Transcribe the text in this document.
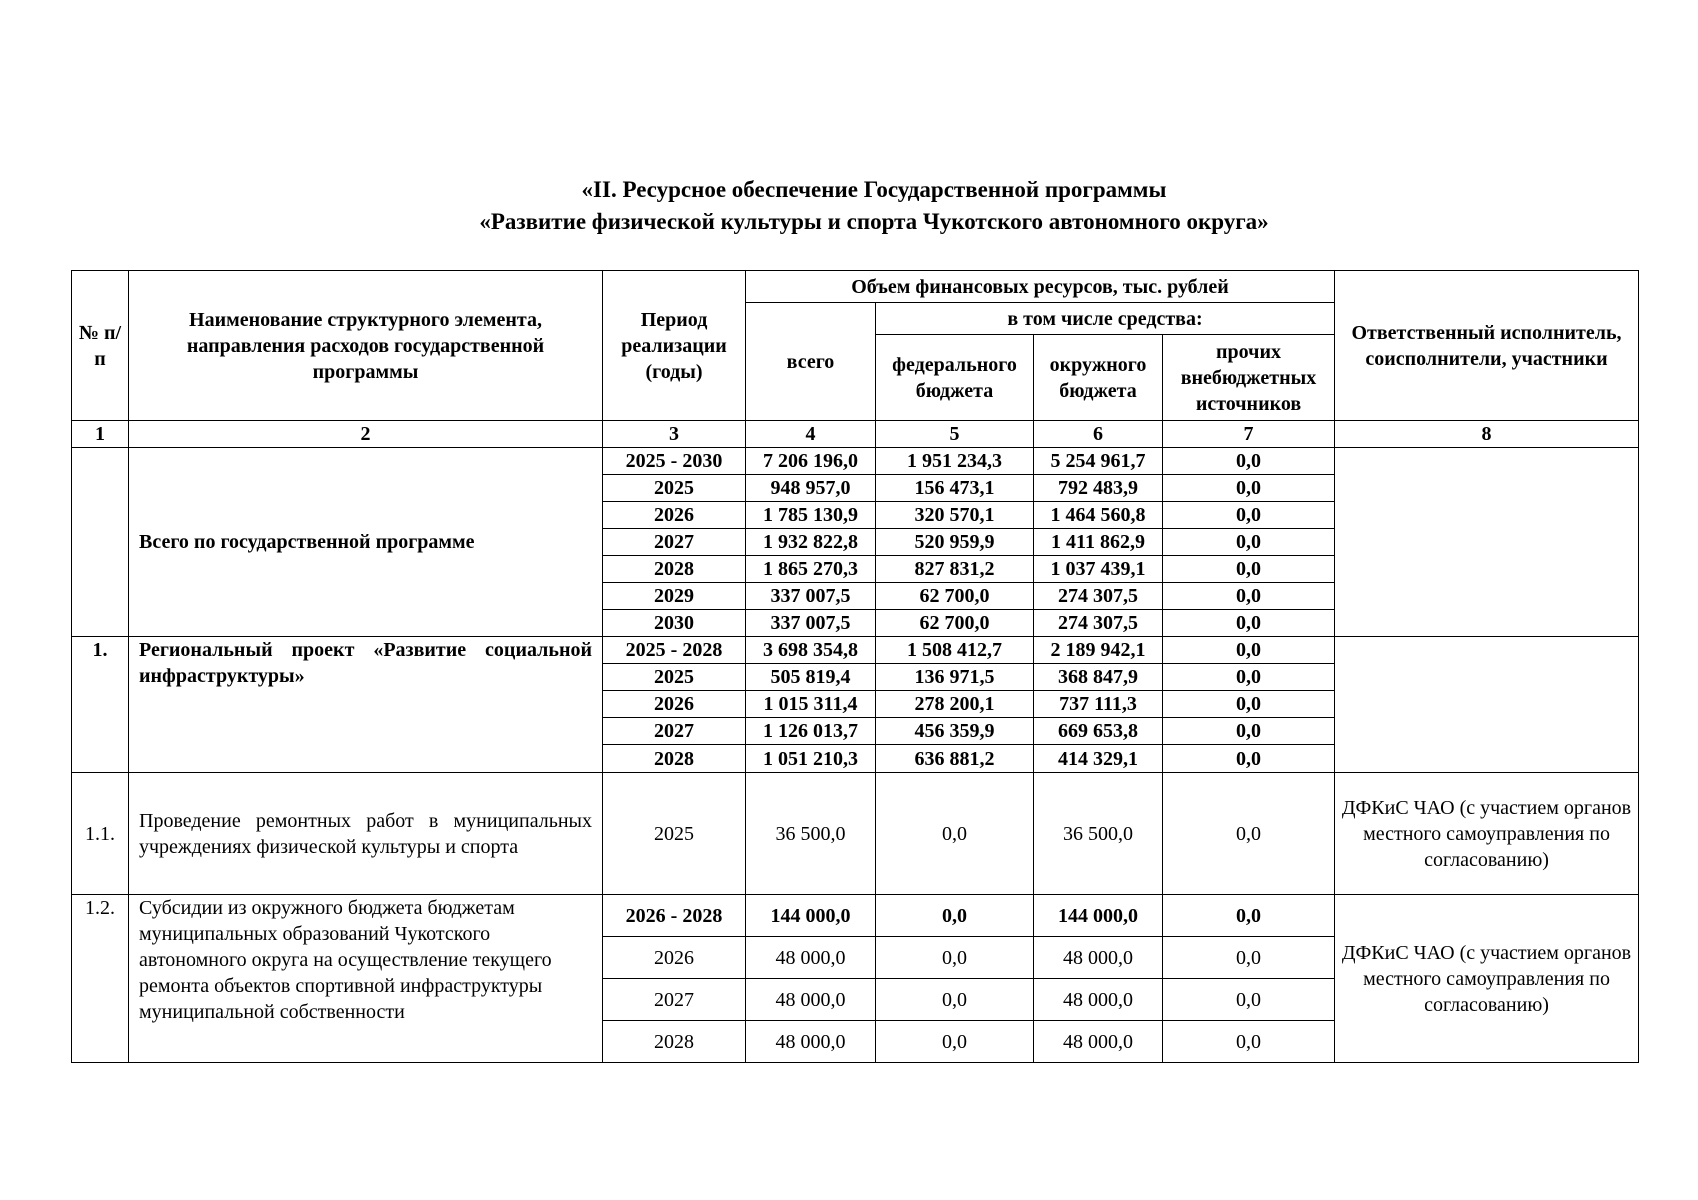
«II. Ресурсное обеспечение Государственной программы
«Развитие физической культуры и спорта Чукотского автономного округа»
№ п/п	Наименование структурного элемента, направления расходов государственной программы	Период реализации (годы)	Объем финансовых ресурсов, тыс. рублей				Ответственный исполнитель, соисполнители, участники
			всего	в том числе средства:			
				федерального бюджета	окружного бюджета	прочих внебюджетных источников	
1	2	3	4	5	6	7	8
	Всего по государственной программе	2025 - 2030	7 206 196,0	1 951 234,3	5 254 961,7	0,0	
		2025	948 957,0	156 473,1	792 483,9	0,0	
		2026	1 785 130,9	320 570,1	1 464 560,8	0,0	
		2027	1 932 822,8	520 959,9	1 411 862,9	0,0	
		2028	1 865 270,3	827 831,2	1 037 439,1	0,0	
		2029	337 007,5	62 700,0	274 307,5	0,0	
		2030	337 007,5	62 700,0	274 307,5	0,0	
1.	Региональный проект «Развитие социальной инфраструктуры»	2025 - 2028	3 698 354,8	1 508 412,7	2 189 942,1	0,0	
		2025	505 819,4	136 971,5	368 847,9	0,0	
		2026	1 015 311,4	278 200,1	737 111,3	0,0	
		2027	1 126 013,7	456 359,9	669 653,8	0,0	
		2028	1 051 210,3	636 881,2	414 329,1	0,0	
1.1.	Проведение ремонтных работ в муниципальных учреждениях физической культуры и спорта	2025	36 500,0	0,0	36 500,0	0,0	ДФКиС ЧАО (с участием органов местного самоуправления по согласованию)
1.2.	Субсидии из окружного бюджета бюджетам муниципальных образований Чукотского автономного округа на осуществление текущего ремонта объектов спортивной инфраструктуры муниципальной собственности	2026 - 2028	144 000,0	0,0	144 000,0	0,0	ДФКиС ЧАО (с участием органов местного самоуправления по согласованию)
		2026	48 000,0	0,0	48 000,0	0,0	
		2027	48 000,0	0,0	48 000,0	0,0	
		2028	48 000,0	0,0	48 000,0	0,0	
